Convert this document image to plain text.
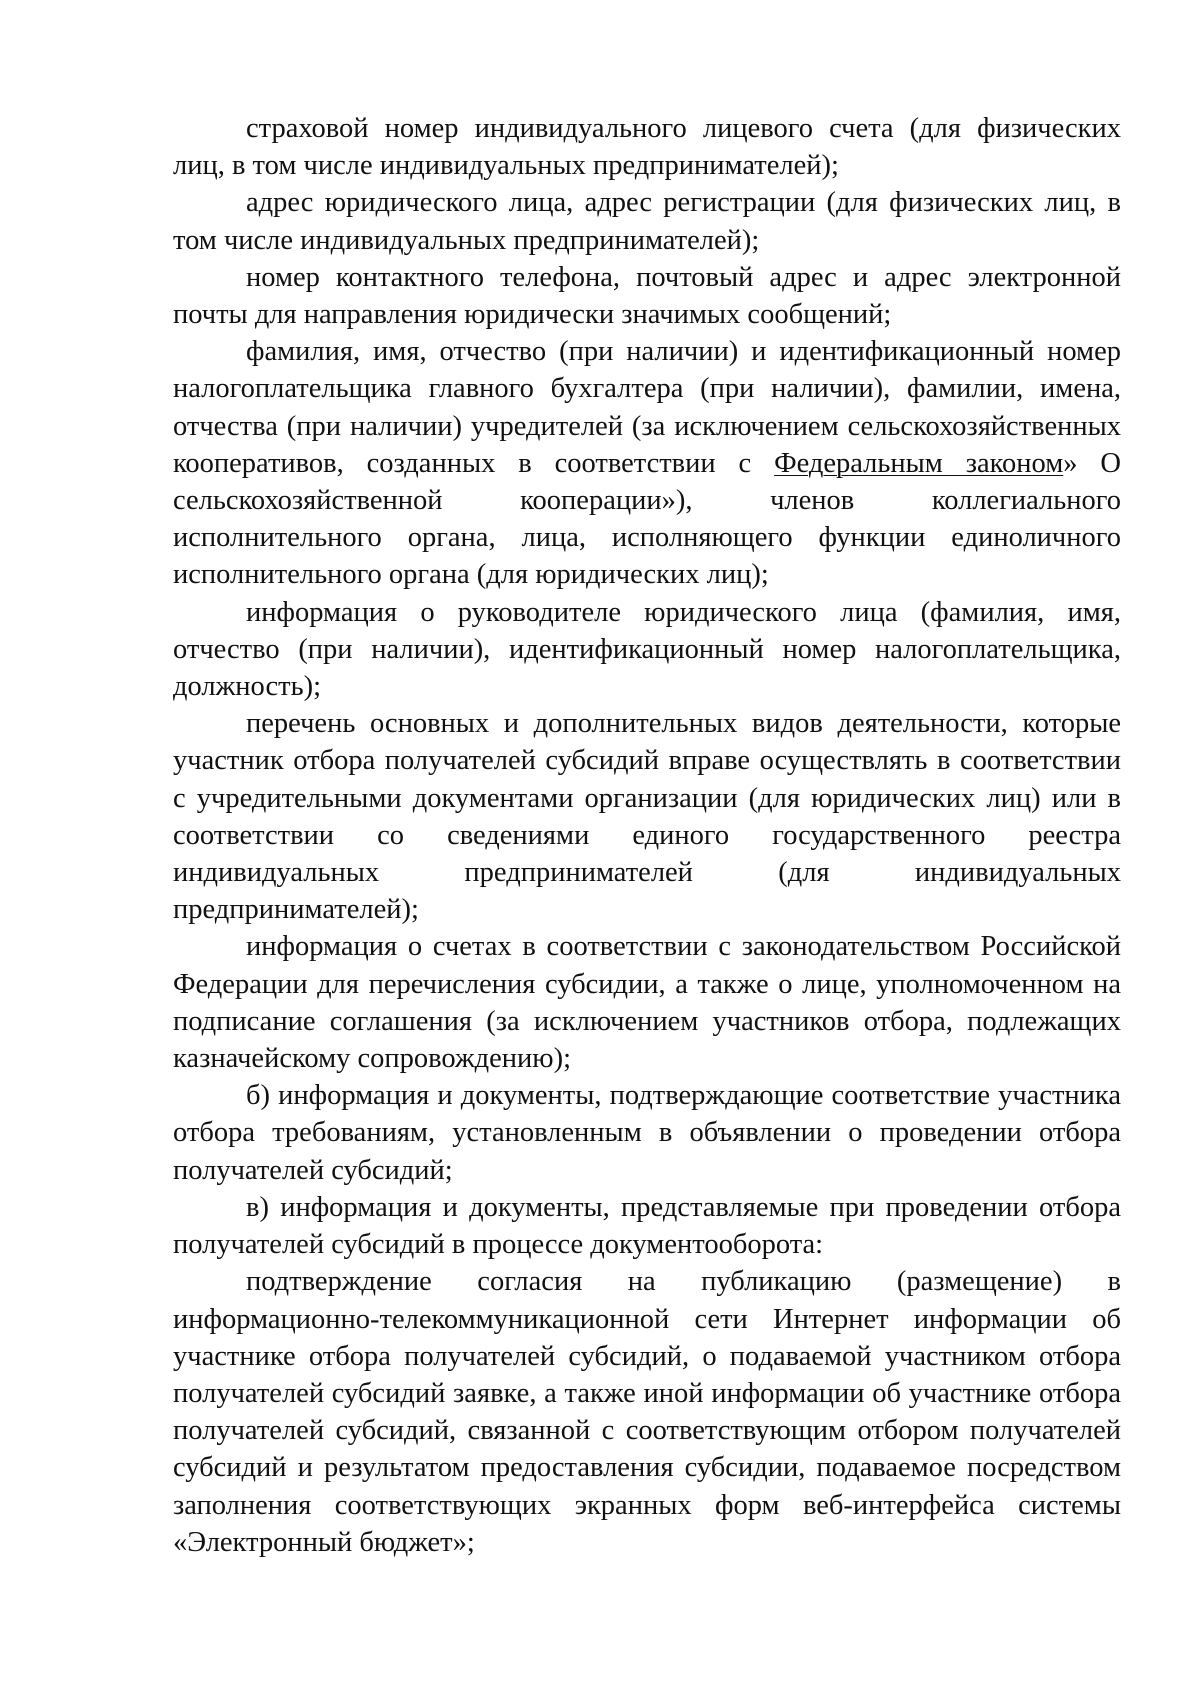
страховой номер индивидуального лицевого счета (для физических лиц, в том числе индивидуальных предпринимателей);

адрес юридического лица, адрес регистрации (для физических лиц, в том числе индивидуальных предпринимателей);

номер контактного телефона, почтовый адрес и адрес электронной почты для направления юридически значимых сообщений;

фамилия, имя, отчество (при наличии) и идентификационный номер налогоплательщика главного бухгалтера (при наличии), фамилии, имена, отчества (при наличии) учредителей (за исключением сельскохозяйственных кооперативов, созданных в соответствии с Федеральным законом» О сельскохозяйственной кооперации»), членов коллегиального исполнительного органа, лица, исполняющего функции единоличного исполнительного органа (для юридических лиц);

информация о руководителе юридического лица (фамилия, имя, отчество (при наличии), идентификационный номер налогоплательщика, должность);

перечень основных и дополнительных видов деятельности, которые участник отбора получателей субсидий вправе осуществлять в соответствии с учредительными документами организации (для юридических лиц) или в соответствии со сведениями единого государственного реестра индивидуальных предпринимателей (для индивидуальных предпринимателей);

информация о счетах в соответствии с законодательством Российской Федерации для перечисления субсидии, а также о лице, уполномоченном на подписание соглашения (за исключением участников отбора, подлежащих казначейскому сопровождению);

б) информация и документы, подтверждающие соответствие участника отбора требованиям, установленным в объявлении о проведении отбора получателей субсидий;

в) информация и документы, представляемые при проведении отбора получателей субсидий в процессе документооборота:

подтверждение согласия на публикацию (размещение) в информационно-телекоммуникационной сети Интернет информации об участнике отбора получателей субсидий, о подаваемой участником отбора получателей субсидий заявке, а также иной информации об участнике отбора получателей субсидий, связанной с соответствующим отбором получателей субсидий и результатом предоставления субсидии, подаваемое посредством заполнения соответствующих экранных форм веб-интерфейса системы «Электронный бюджет»;
